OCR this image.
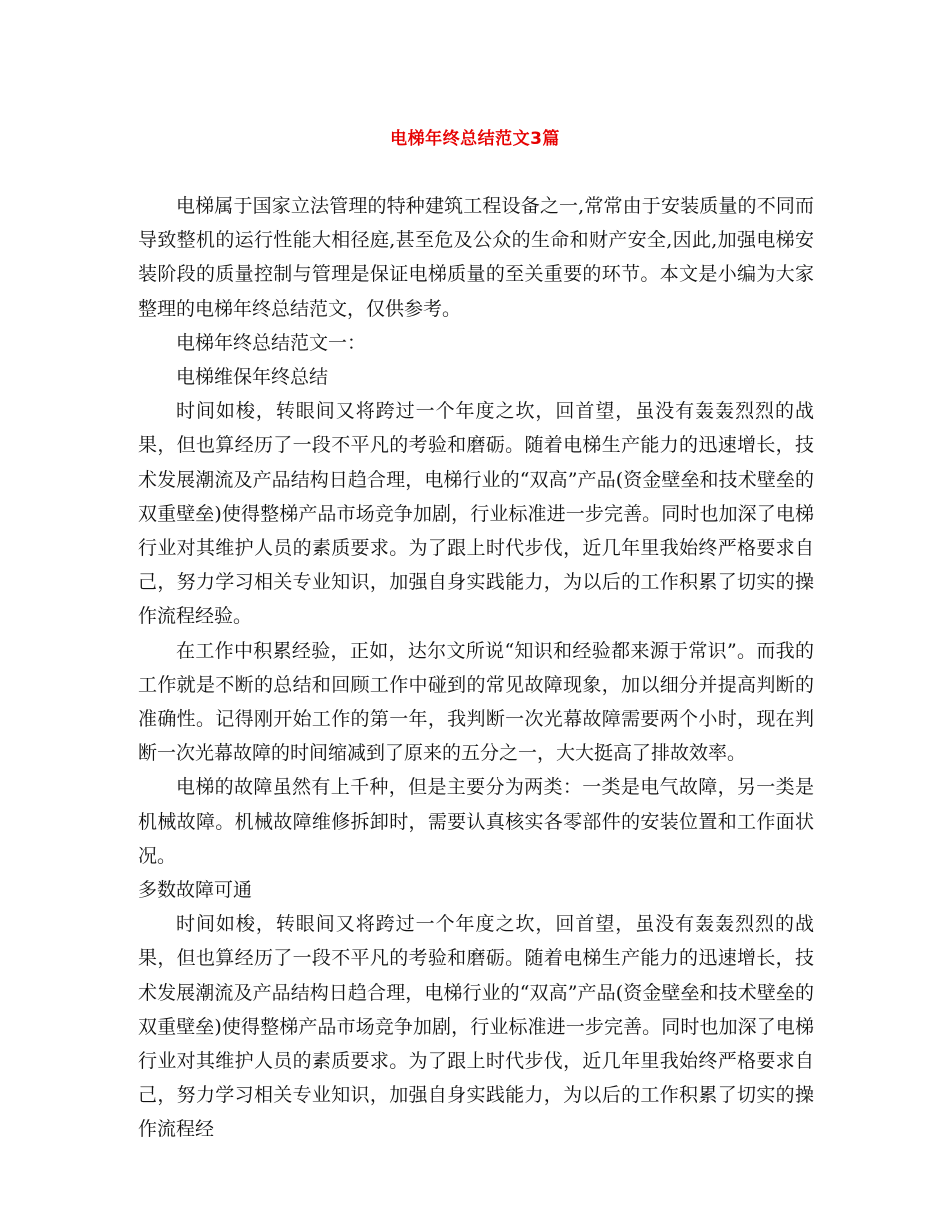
电梯年终总结范文3篇

电梯属于国家立法管理的特种建筑工程设备之一,常常由于安装质量的不同而导致整机的运行性能大相径庭,甚至危及公众的生命和财产安全,因此,加强电梯安装阶段的质量控制与管理是保证电梯质量的至关重要的环节。本文是小编为大家整理的电梯年终总结范文，仅供参考。

电梯年终总结范文一：

电梯维保年终总结

时间如梭，转眼间又将跨过一个年度之坎，回首望，虽没有轰轰烈烈的战果，但也算经历了一段不平凡的考验和磨砺。随着电梯生产能力的迅速增长，技术发展潮流及产品结构日趋合理，电梯行业的“双高”产品(资金壁垒和技术壁垒的双重壁垒)使得整梯产品市场竞争加剧，行业标准进一步完善。同时也加深了电梯行业对其维护人员的素质要求。为了跟上时代步伐，近几年里我始终严格要求自己，努力学习相关专业知识，加强自身实践能力，为以后的工作积累了切实的操作流程经验。

在工作中积累经验，正如，达尔文所说“知识和经验都来源于常识”。而我的工作就是不断的总结和回顾工作中碰到的常见故障现象，加以细分并提高判断的准确性。记得刚开始工作的第一年，我判断一次光幕故障需要两个小时，现在判断一次光幕故障的时间缩减到了原来的五分之一，大大挺高了排故效率。

电梯的故障虽然有上千种，但是主要分为两类：一类是电气故障，另一类是机械故障。机械故障维修拆卸时，需要认真核实各零部件的安装位置和工作面状况。

多数故障可通

时间如梭，转眼间又将跨过一个年度之坎，回首望，虽没有轰轰烈烈的战果，但也算经历了一段不平凡的考验和磨砺。随着电梯生产能力的迅速增长，技术发展潮流及产品结构日趋合理，电梯行业的“双高”产品(资金壁垒和技术壁垒的双重壁垒)使得整梯产品市场竞争加剧，行业标准进一步完善。同时也加深了电梯行业对其维护人员的素质要求。为了跟上时代步伐，近几年里我始终严格要求自己，努力学习相关专业知识，加强自身实践能力，为以后的工作积累了切实的操作流程经
